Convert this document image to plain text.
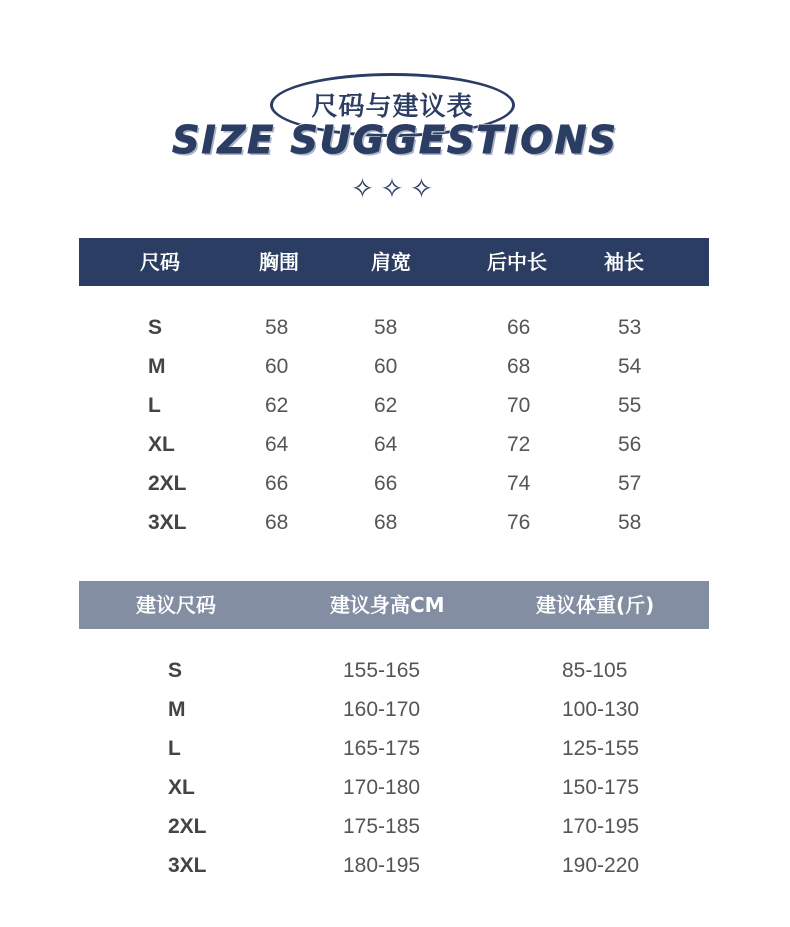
尺码与建议表
SIZE SUGGESTIONS
✧✧✧
尺码	胸围	肩宽	后中长	袖长
S	58	58	66	53
M	60	60	68	54
L	62	62	70	55
XL	64	64	72	56
2XL	66	66	74	57
3XL	68	68	76	58
建议尺码	建议身高CM	建议体重(斤)
S	155-165	85-105
M	160-170	100-130
L	165-175	125-155
XL	170-180	150-175
2XL	175-185	170-195
3XL	180-195	190-220
